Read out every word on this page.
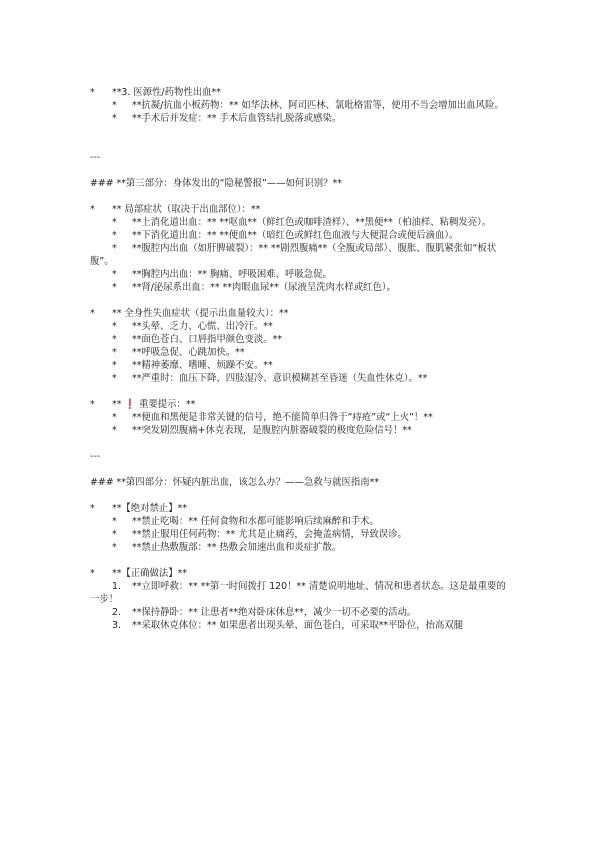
* **3. 医源性/药物性出血**
* **抗凝/抗血小板药物：** 如华法林、阿司匹林、氯吡格雷等，使用不当会增加出血风险。
* **手术后并发症：** 手术后血管结扎脱落或感染。
---
### **第三部分：身体发出的“隐秘警报”——如何识别？**
* ** 局部症状（取决于出血部位）：**
* **上消化道出血：** **呕血**（鲜红色或咖啡渣样）、**黑便**（柏油样、粘稠发亮）。
* **下消化道出血：** **便血**（暗红色或鲜红色血液与大便混合或便后滴血）。
* **腹腔内出血（如肝脾破裂）：** **剧烈腹痛**（全腹或局部）、腹胀、腹肌紧张如“板状腹”。
* **胸腔内出血：** 胸痛、呼吸困难、呼吸急促。
* **肾/泌尿系出血：** **肉眼血尿**（尿液呈洗肉水样或红色）。
* ** 全身性失血症状（提示出血量较大）：**
* **头晕、乏力、心慌、出冷汗。**
* **面色苍白、口唇指甲颜色变淡。**
* **呼吸急促、心跳加快。**
* **精神萎靡、嗜睡、烦躁不安。**
* **严重时：血压下降、四肢湿冷、意识模糊甚至昏迷（失血性休克）。**
* ** ❗ 重要提示：**
* **便血和黑便是非常关键的信号，绝不能简单归咎于“痔疮”或“上火”！**
* **突发剧烈腹痛+休克表现，是腹腔内脏器破裂的极度危险信号！**
---
### **第四部分：怀疑内脏出血，该怎么办？——急救与就医指南**
* **【绝对禁止】**
* **禁止吃喝：** 任何食物和水都可能影响后续麻醉和手术。
* **禁止服用任何药物：** 尤其是止痛药，会掩盖病情，导致误诊。
* **禁止热敷腹部：** 热敷会加速出血和炎症扩散。
* **【正确做法】**
1. **立即呼救：** **第一时间拨打 120！** 清楚说明地址、情况和患者状态。这是最重要的一步！
2. **保持静卧：** 让患者**绝对卧床休息**，减少一切不必要的活动。
3. **采取休克体位：** 如果患者出现头晕、面色苍白，可采取**平卧位，抬高双腿
